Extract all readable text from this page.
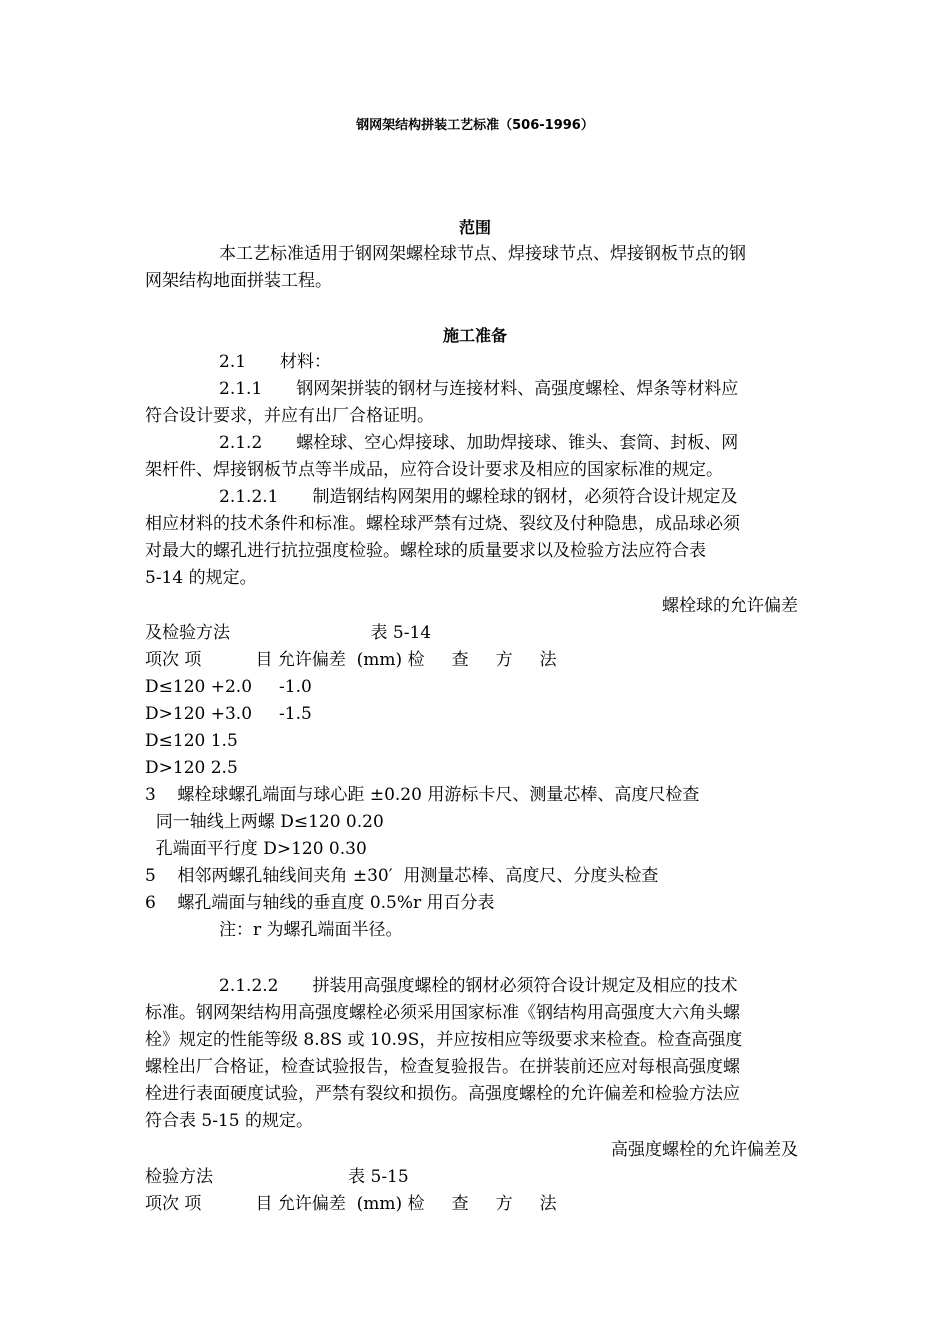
钢网架结构拼装工艺标准（506-1996）
范围

本工艺标准适用于钢网架螺栓球节点、焊接球节点、焊接钢板节点的钢

网架结构地面拼装工程。

施工准备

2.1　　材料：

2.1.1　　钢网架拼装的钢材与连接材料、高强度螺栓、焊条等材料应

符合设计要求，并应有出厂合格证明。

2.1.2　　螺栓球、空心焊接球、加助焊接球、锥头、套筒、封板、网

架杆件、焊接钢板节点等半成品，应符合设计要求及相应的国家标准的规定。

2.1.2.1　　制造钢结构网架用的螺栓球的钢材，必须符合设计规定及

相应材料的技术条件和标准。螺栓球严禁有过烧、裂纹及付种隐患，成品球必须

对最大的螺孔进行抗拉强度检验。螺栓球的质量要求以及检验方法应符合表

5-14 的规定。

螺栓球的允许偏差

及检验方法                          表 5-14

项次 项          目 允许偏差  (mm) 检     查     方     法

D≤120 +2.0     -1.0

D>120 +3.0     -1.5

D≤120 1.5

D>120 2.5

3    螺栓球螺孔端面与球心距 ±0.20 用游标卡尺、测量芯棒、高度尺检查

同一轴线上两螺 D≤120 0.20

孔端面平行度 D>120 0.30

5    相邻两螺孔轴线间夹角 ±30′  用测量芯棒、高度尺、分度头检查

6    螺孔端面与轴线的垂直度 0.5%r 用百分表

注：r 为螺孔端面半径。

2.1.2.2　　拼装用高强度螺栓的钢材必须符合设计规定及相应的技术

标准。钢网架结构用高强度螺栓必须采用国家标准《钢结构用高强度大六角头螺

栓》规定的性能等级 8.8S 或 10.9S，并应按相应等级要求来检查。检查高强度

螺栓出厂合格证，检查试验报告，检查复验报告。在拼装前还应对每根高强度螺

栓进行表面硬度试验，严禁有裂纹和损伤。高强度螺栓的允许偏差和检验方法应

符合表 5-15 的规定。

高强度螺栓的允许偏差及

检验方法                         表 5-15

项次 项          目 允许偏差  (mm) 检     查     方     法
